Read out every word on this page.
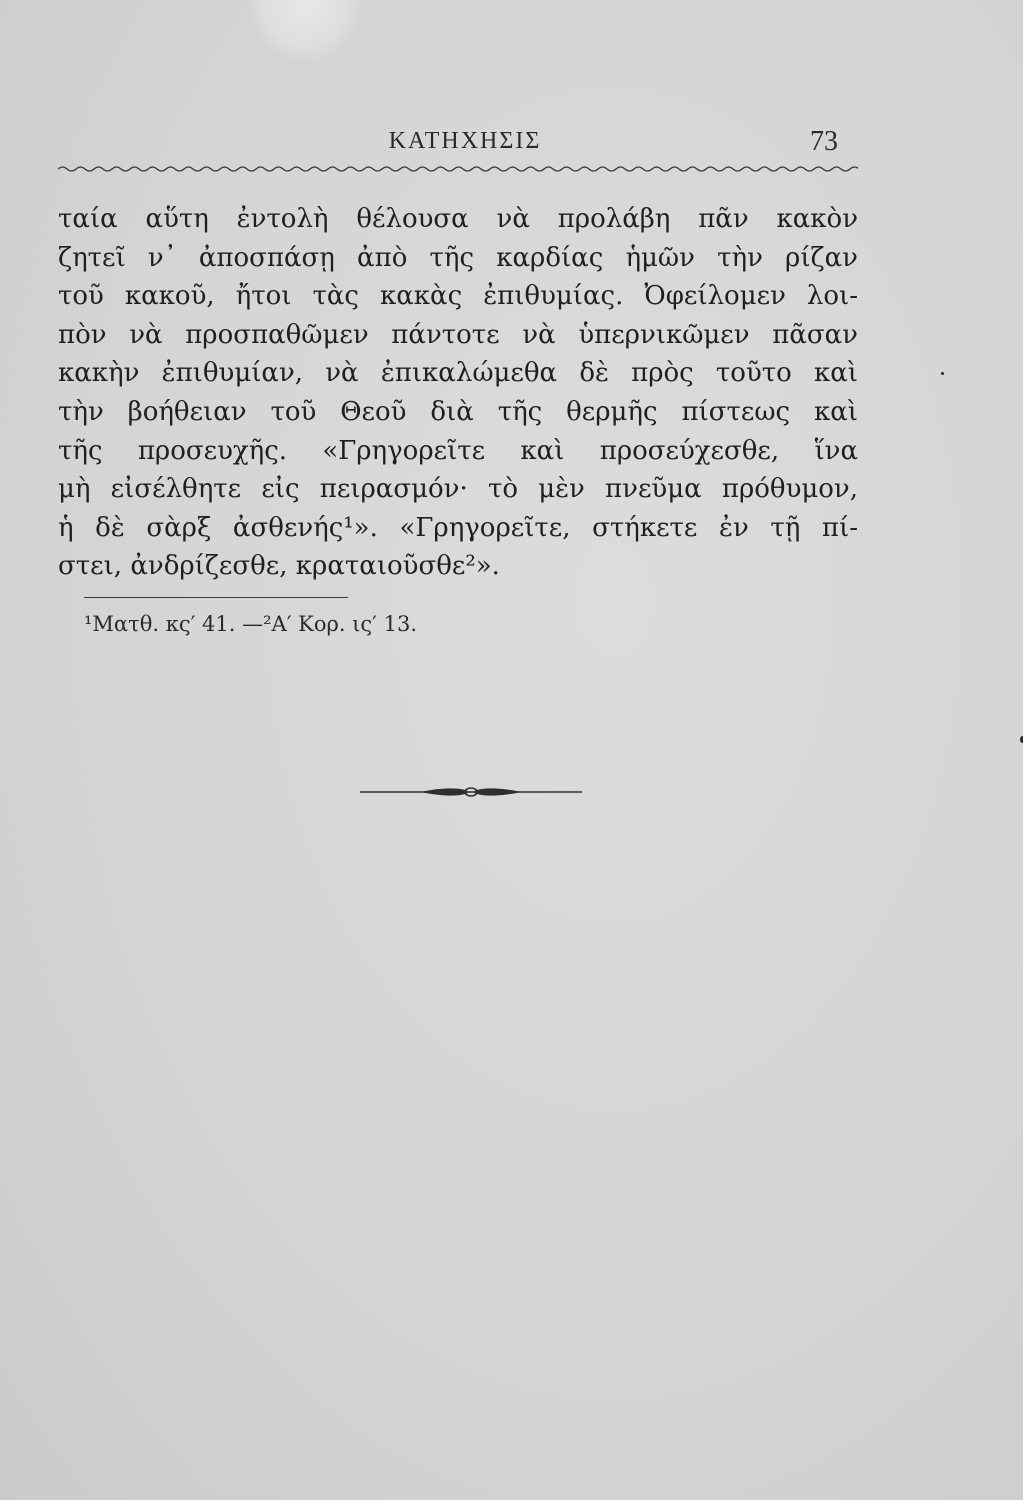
ΚΑΤΗΧΗΣΙΣ	73
ταία αὕτη ἐντολὴ θέλουσα νὰ προλάβη πᾶν κακὸν
ζητεῖ ν᾽ ἀποσπάσῃ ἀπὸ τῆς καρδίας ἡμῶν τὴν ρίζαν
τοῦ κακοῦ, ἤτοι τὰς κακὰς ἐπιθυμίας. Ὀφείλομεν λοι-
πὸν νὰ προσπαθῶμεν πάντοτε νὰ ὑπερνικῶμεν πᾶσαν
κακὴν ἐπιθυμίαν, νὰ ἐπικαλώμεθα δὲ πρὸς τοῦτο καὶ
τὴν βοήθειαν τοῦ Θεοῦ διὰ τῆς θερμῆς πίστεως καὶ
τῆς προσευχῆς. «Γρηγορεῖτε καὶ προσεύχεσθε, ἵνα
μὴ εἰσέλθητε εἰς πειρασμόν· τὸ μὲν πνεῦμα πρόθυμον,
ἡ δὲ σὰρξ ἀσθενής¹». «Γρηγορεῖτε, στήκετε ἐν τῇ πί-
στει, ἀνδρίζεσθε, κραταιοῦσθε²».
¹Ματθ. κς′ 41. —²Α′ Κορ. ις′ 13.
